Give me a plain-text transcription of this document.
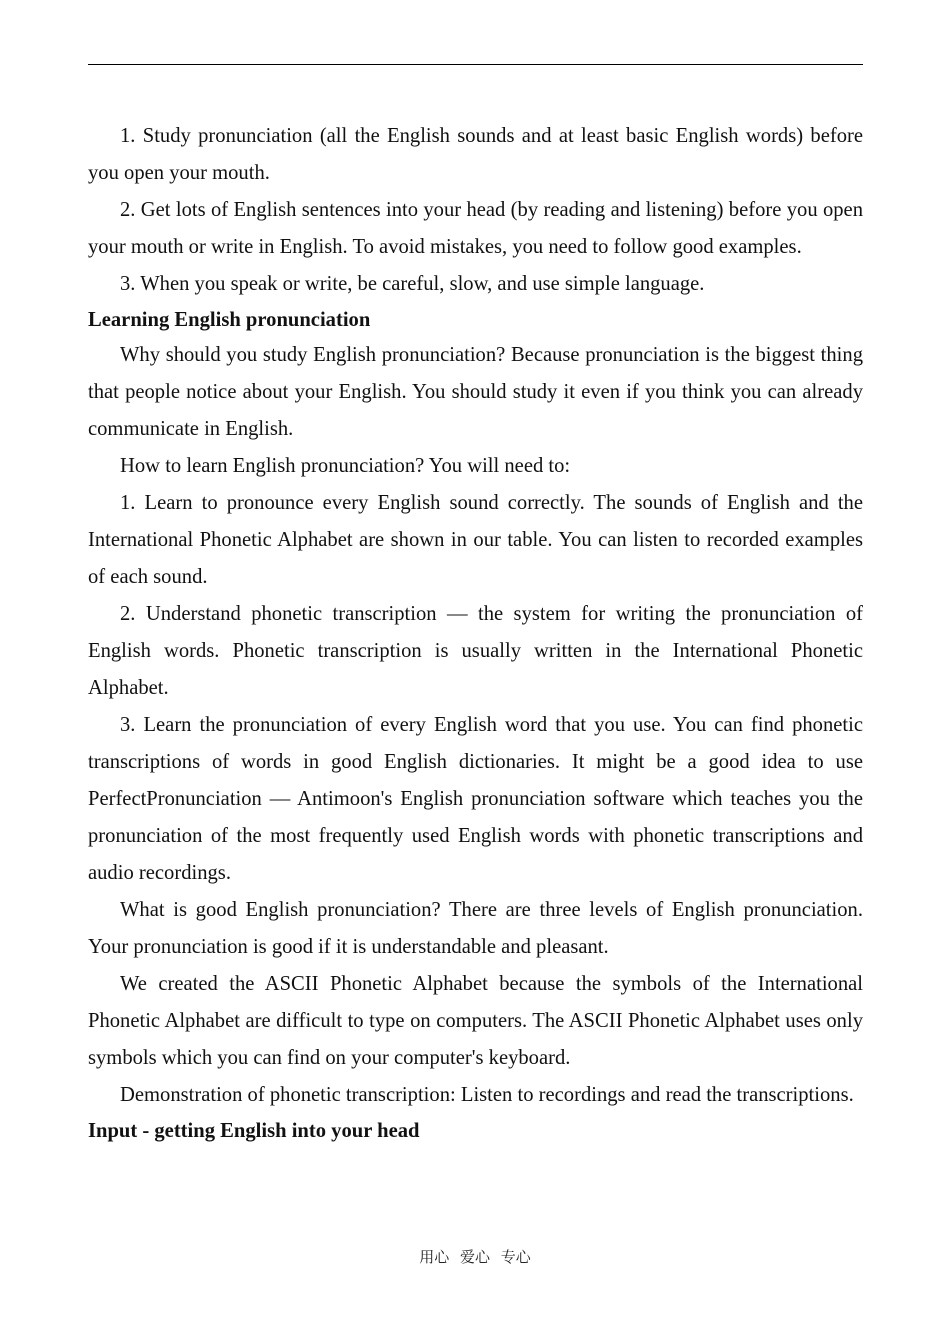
1. Study pronunciation (all the English sounds and at least basic English words) before you open your mouth.

2. Get lots of English sentences into your head (by reading and listening) before you open your mouth or write in English. To avoid mistakes, you need to follow good examples.

3. When you speak or write, be careful, slow, and use simple language.

Learning English pronunciation

Why should you study English pronunciation? Because pronunciation is the biggest thing that people notice about your English. You should study it even if you think you can already communicate in English.

How to learn English pronunciation? You will need to:

1. Learn to pronounce every English sound correctly. The sounds of English and the International Phonetic Alphabet are shown in our table. You can listen to recorded examples of each sound.

2. Understand phonetic transcription — the system for writing the pronunciation of English words. Phonetic transcription is usually written in the International Phonetic Alphabet.

3. Learn the pronunciation of every English word that you use. You can find phonetic transcriptions of words in good English dictionaries. It might be a good idea to use PerfectPronunciation — Antimoon's English pronunciation software which teaches you the pronunciation of the most frequently used English words with phonetic transcriptions and audio recordings.

What is good English pronunciation? There are three levels of English pronunciation. Your pronunciation is good if it is understandable and pleasant.

We created the ASCII Phonetic Alphabet because the symbols of the International Phonetic Alphabet are difficult to type on computers. The ASCII Phonetic Alphabet uses only symbols which you can find on your computer's keyboard.

Demonstration of phonetic transcription: Listen to recordings and read the transcriptions.

Input - getting English into your head
用心 爱心 专心
